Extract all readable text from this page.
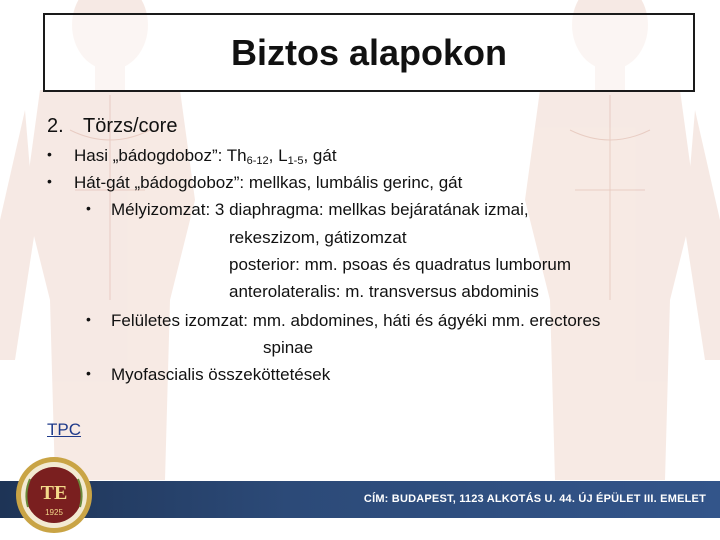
Biztos alapokon
2. Törzs/core
• Hasi „bádogdoboz”: $Th_{6-12}$, $L_{1-5}$, gát
• Hát-gát „bádogdoboz”: mellkas, lumbális gerinc, gát
• Mélyizomzat: 3 diaphragma: mellkas bejáratának izmai,
rekeszizom, gátizomzat
posterior: mm. psoas és quadratus lumborum
anterolateralis: m. transversus abdominis
• Felületes izomzat: mm. abdomines, háti és ágyéki mm. erectores
spinae
• Myofascialis összeköttetések
TPC
CÍM: BUDAPEST, 1123 ALKOTÁS U. 44. ÚJ ÉPÜLET III. EMELET
TE
1925
